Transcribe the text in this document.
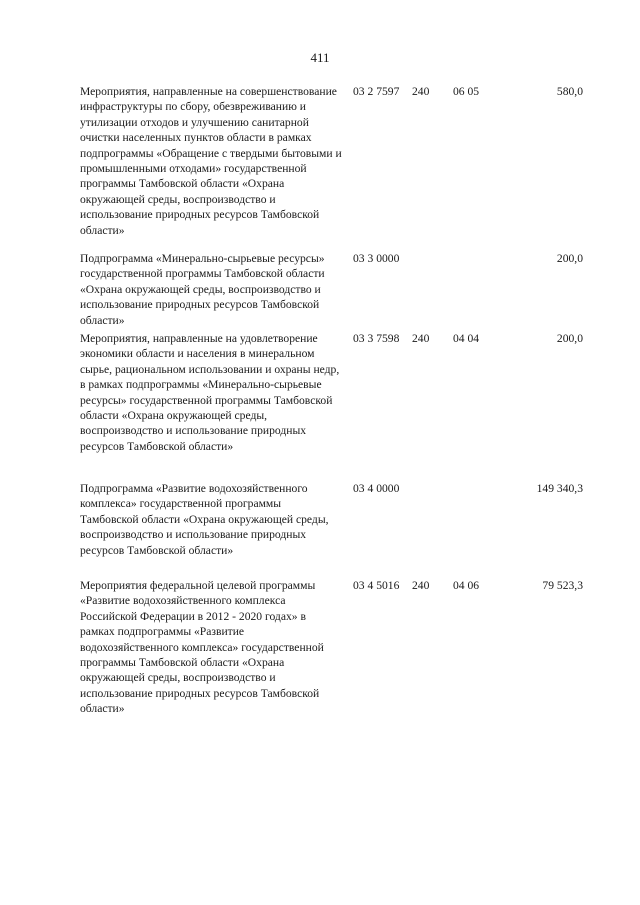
411
Мероприятия, направленные на совершенствование инфраструктуры по сбору, обезвреживанию и утилизации отходов и улучшению санитарной очистки населенных пунктов области в рамках подпрограммы «Обращение с твердыми бытовыми и промышленными отходами» государственной программы Тамбовской области «Охрана окружающей среды, воспроизводство и использованиe природных ресурсов Тамбовской области»
03 2 7597 240 06 05	580,0
Подпрограмма «Минерально-сырьевые ресурсы» государственной программы Тамбовской области «Охрана окружающей среды, воспроизводство и использование природных ресурсов Тамбовской области»
03 3 0000	200,0
Мероприятия, направленные на удовлетворение экономики области и населения в минеральном сырье, рациональном использовании и охраны недр, в рамках подпрограммы «Минерально-сырьевые ресурсы» государственной программы Тамбовской области «Охрана окружающей среды, воспроизводство и использование природных ресурсов Тамбовской области»
03 3 7598 240 04 04	200,0
Подпрограмма «Развитие водохозяйственного комплекса» государственной программы Тамбовской области «Охрана окружающей среды, воспроизводство и использование природных ресурсов Тамбовской области»
03 4 0000	149 340,3
Мероприятия федеральной целевой программы «Развитие водохозяйственного комплекса Российской Федерации в 2012 - 2020 годах» в рамках подпрограммы «Развитие водохозяйственного комплекса» государственной программы Тамбовской области «Охрана окружающей среды, воспроизводство и использование природных ресурсов Тамбовской области»
03 4 5016 240 04 06	79 523,3
